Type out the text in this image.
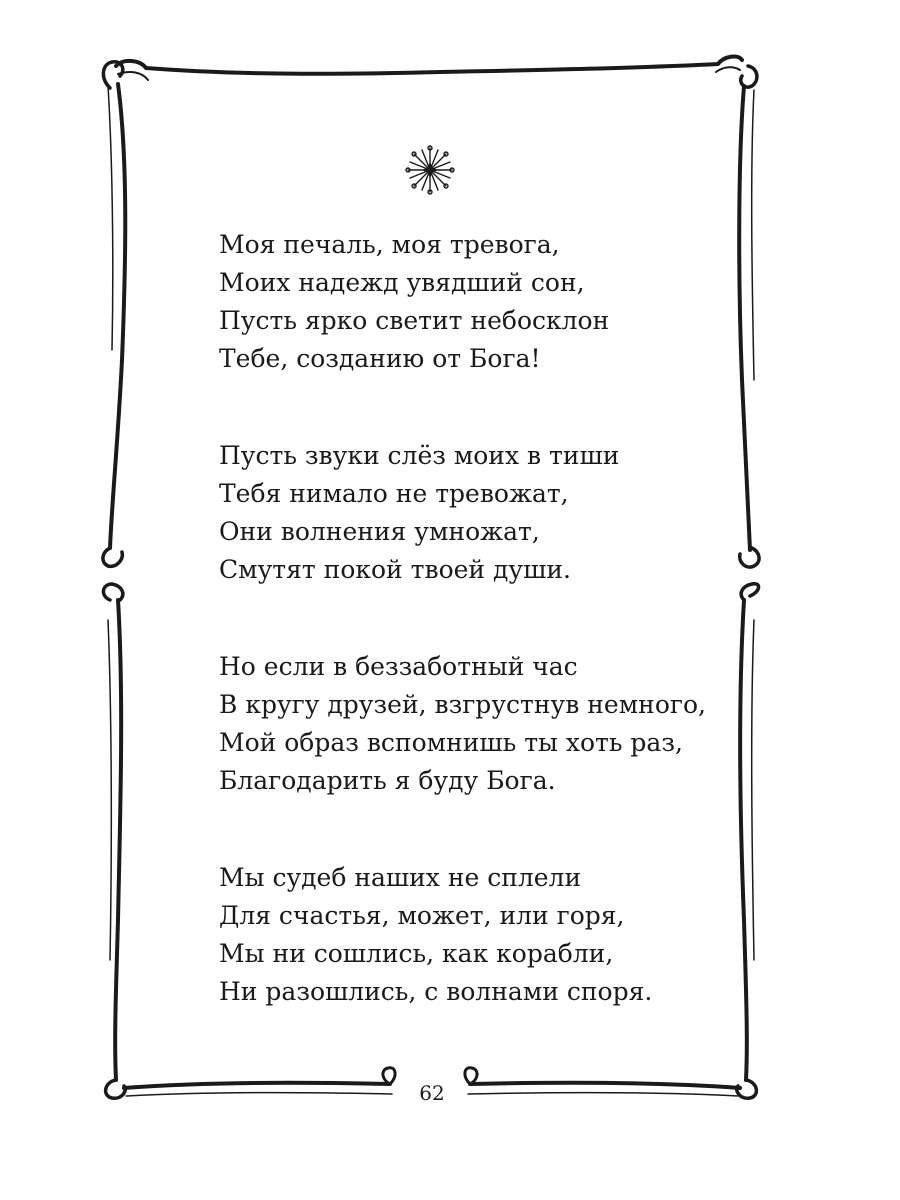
Моя печаль, моя тревога,
Моих надежд увядший сон,
Пусть ярко светит небосклон
Тебе, созданию от Бога!
Пусть звуки слёз моих в тиши
Тебя нимало не тревожат,
Они волнения умножат,
Смутят покой твоей души.
Но если в беззаботный час
В кругу друзей, взгрустнув немного,
Мой образ вспомнишь ты хоть раз,
Благодарить я буду Бога.
Мы судеб наших не сплели
Для счастья, может, или горя,
Мы ни сошлись, как корабли,
Ни разошлись, с волнами споря.
62
